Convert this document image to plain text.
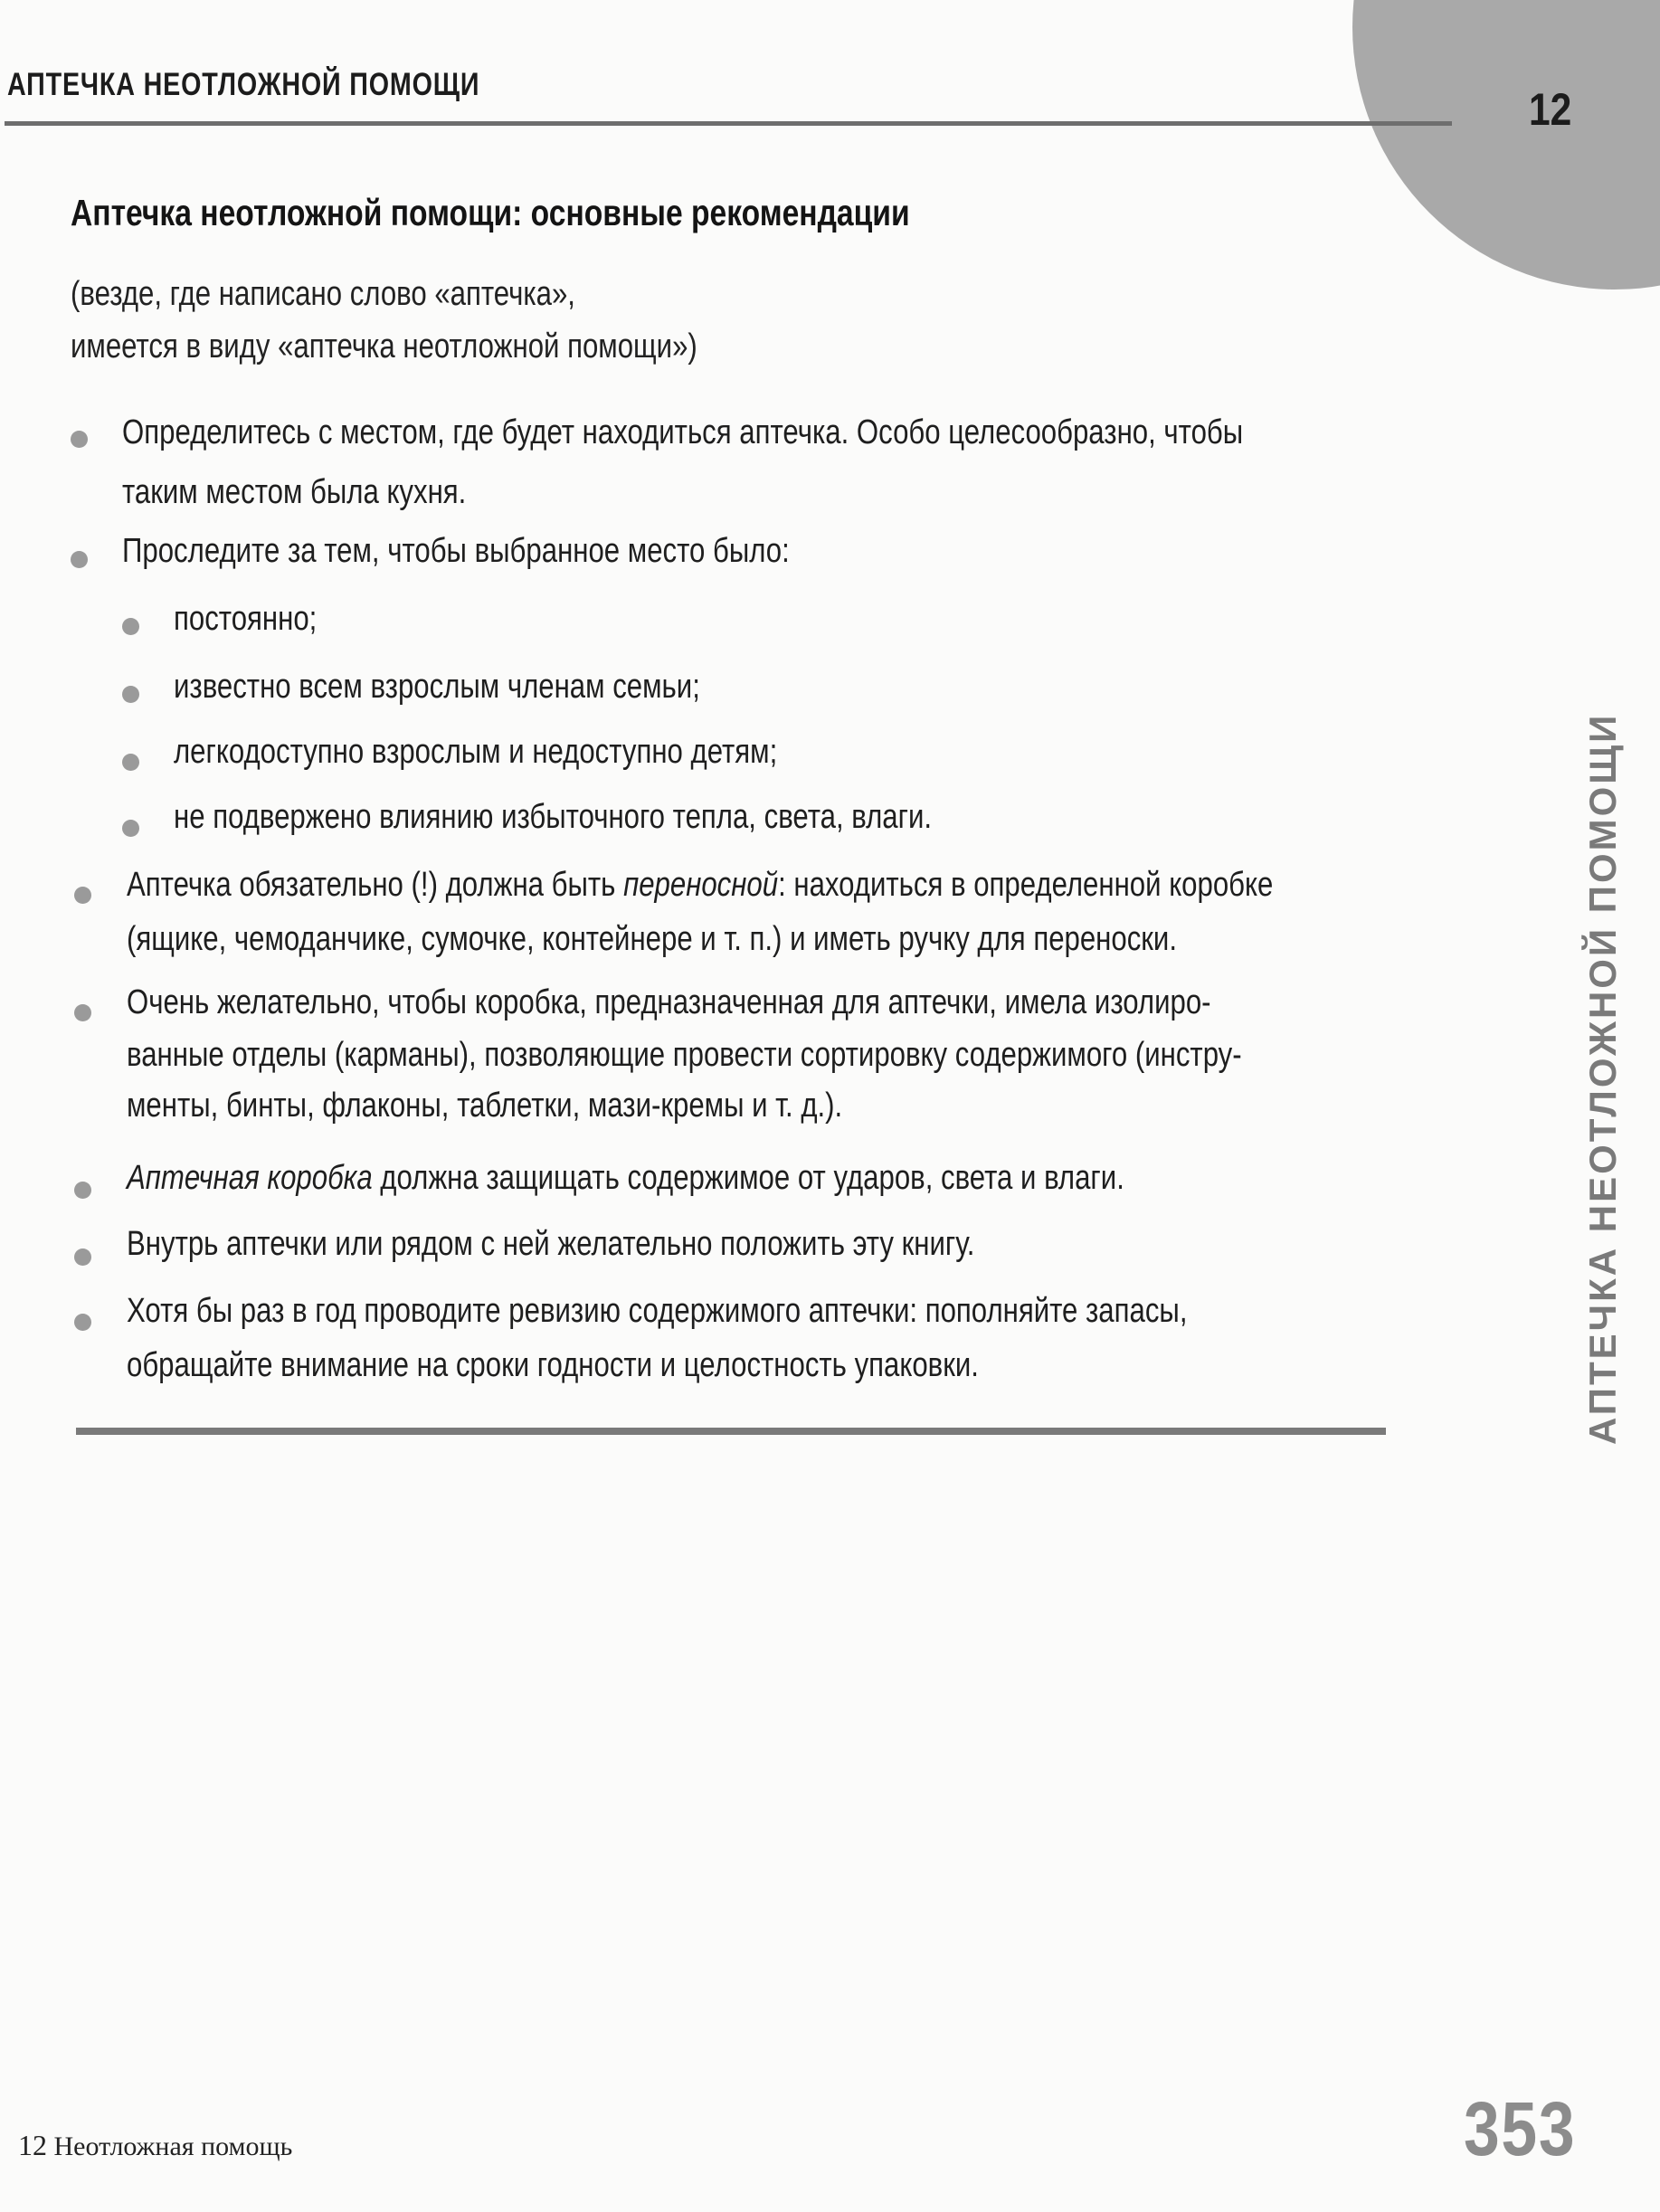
АПТЕЧКА НЕОТЛОЖНОЙ ПОМОЩИ	12
АПТЕЧКА НЕОТЛОЖНОЙ ПОМОЩИ
Аптечка неотложной помощи: основные рекомендации
(везде, где написано слово «аптечка»,
имеется в виду «аптечка неотложной помощи»)
Определитесь с местом, где будет находиться аптечка. Особо целесообразно, чтобы
таким местом была кухня.
Проследите за тем, чтобы выбранное место было:
постоянно;
известно всем взрослым членам семьи;
легкодоступно взрослым и недоступно детям;
не подвержено влиянию избыточного тепла, света, влаги.
Аптечка обязательно (!) должна быть переносной: находиться в определенной коробке
(ящике, чемоданчике, сумочке, контейнере и т. п.) и иметь ручку для переноски.
Очень желательно, чтобы коробка, предназначенная для аптечки, имела изолиро-
ванные отделы (карманы), позволяющие провести сортировку содержимого (инстру-
менты, бинты, флаконы, таблетки, мази-кремы и т. д.).
Аптечная коробка должна защищать содержимое от ударов, света и влаги.
Внутрь аптечки или рядом с ней желательно положить эту книгу.
Хотя бы раз в год проводите ревизию содержимого аптечки: пополняйте запасы,
обращайте внимание на сроки годности и целостность упаковки.
12 Неотложная помощь	353
